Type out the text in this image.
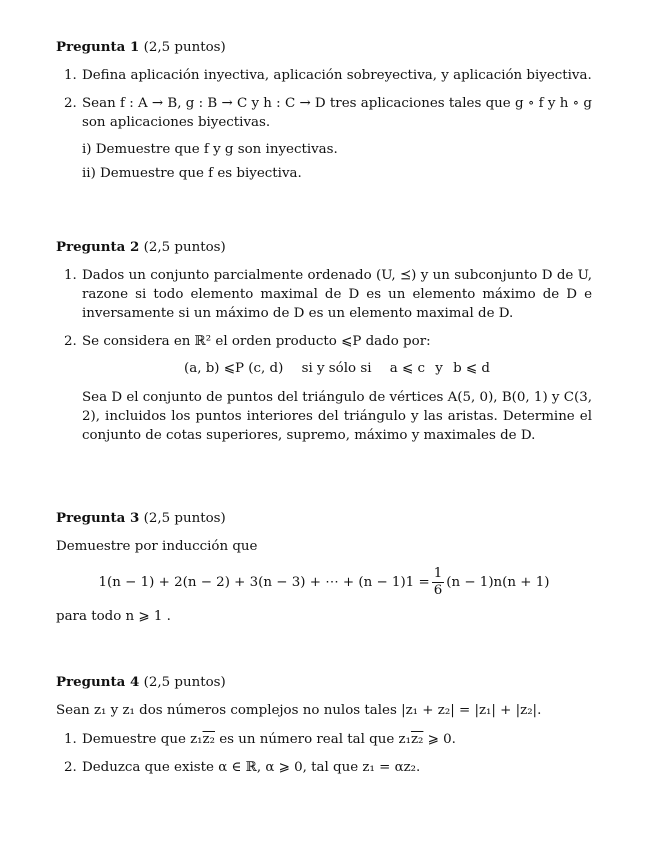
Pregunta 1 (2,5 puntos)

1. Defina aplicación inyectiva, aplicación sobreyectiva, y aplicación biyectiva.
2. Sean f : A → B, g : B → C y h : C → D tres aplicaciones tales que g ∘ f y h ∘ g son aplicaciones biyectivas.
i) Demuestre que f y g son inyectivas.
ii) Demuestre que f es biyectiva.

Pregunta 2 (2,5 puntos)

1. Dados un conjunto parcialmente ordenado (U, ⪯) y un subconjunto D de U, razone si todo elemento maximal de D es un elemento máximo de D e inversamente si un máximo de D es un elemento maximal de D.
2. Se considera en ℝ² el orden producto ⩽P dado por:
(a, b) ⩽P (c, d) si y sólo si a ⩽ c y b ⩽ d

Sea D el conjunto de puntos del triángulo de vértices A(5, 0), B(0, 1) y C(3, 2), incluidos los puntos interiores del triángulo y las aristas. Determine el conjunto de cotas superiores, supremo, máximo y maximales de D.

Pregunta 3 (2,5 puntos)

Demuestre por inducción que

1(n − 1) + 2(n − 2) + 3(n − 3) + ⋯ + $(n - 1)1 = \frac{1}{6} (n - 1)n(n + 1)$

para todo n ⩾ 1 .

Pregunta 4 (2,5 puntos)

Sean z₁ y z₁ dos números complejos no nulos tales |z₁ + z₂| = |z₁| + |z₂|.

1. Demuestre que z₁z₂ es un número real tal que z₁z₂ ⩾ 0.
2. Deduzca que existe α ∈ ℝ, α ⩾ 0, tal que z₁ = αz₂.
